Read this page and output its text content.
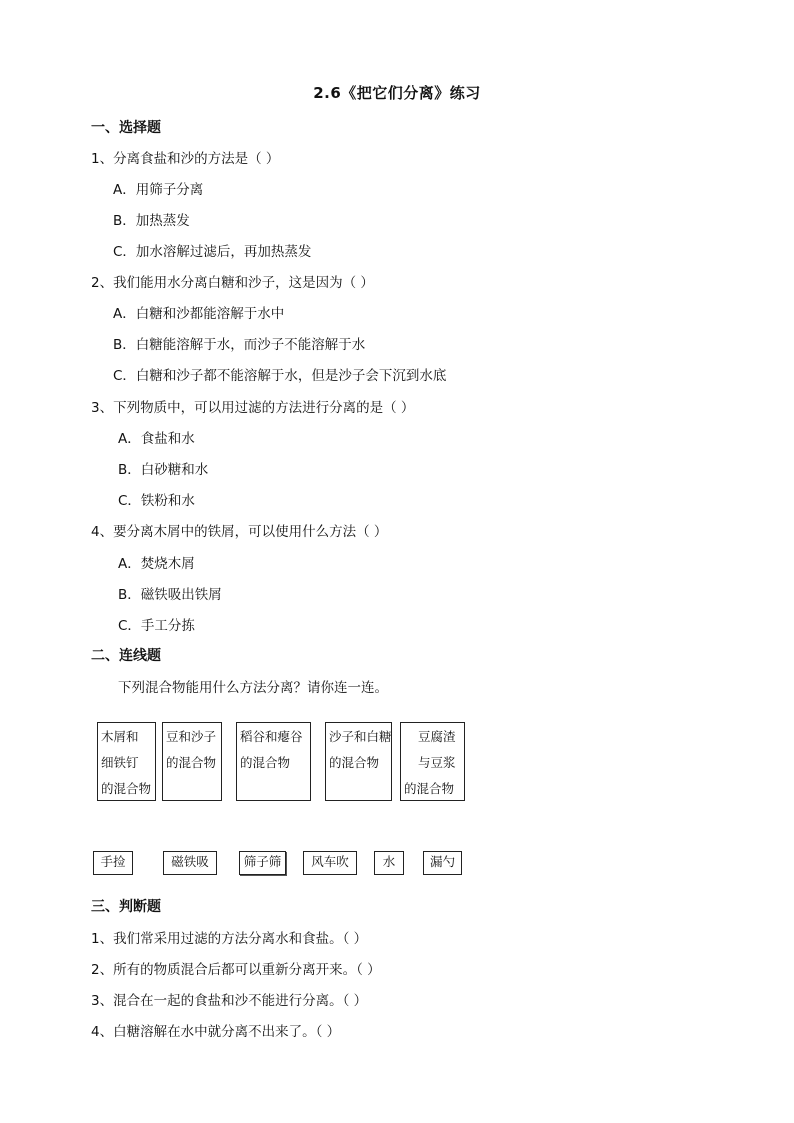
2.6《把它们分离》练习
一、选择题
1、分离食盐和沙的方法是（ ）
A．用筛子分离
B．加热蒸发
C．加水溶解过滤后，再加热蒸发
2、我们能用水分离白糖和沙子，这是因为（ ）
A．白糖和沙都能溶解于水中
B．白糖能溶解于水，而沙子不能溶解于水
C．白糖和沙子都不能溶解于水，但是沙子会下沉到水底
3、下列物质中，可以用过滤的方法进行分离的是（ ）
A．食盐和水
B．白砂糖和水
C．铁粉和水
4、要分离木屑中的铁屑，可以使用什么方法（ ）
A．焚烧木屑
B．磁铁吸出铁屑
C．手工分拣
二、连线题
下列混合物能用什么方法分离？请你连一连。
木屑和
细铁钉
的混合物
豆和沙子
的混合物
稻谷和瘪谷
的混合物
沙子和白糖
的混合物
豆腐渣
与豆浆
的混合物
手捡	磁铁吸	筛子筛	风车吹	水	漏勺
三、判断题
1、我们常采用过滤的方法分离水和食盐。（ ）
2、所有的物质混合后都可以重新分离开来。（ ）
3、混合在一起的食盐和沙不能进行分离。（ ）
4、白糖溶解在水中就分离不出来了。（ ）
